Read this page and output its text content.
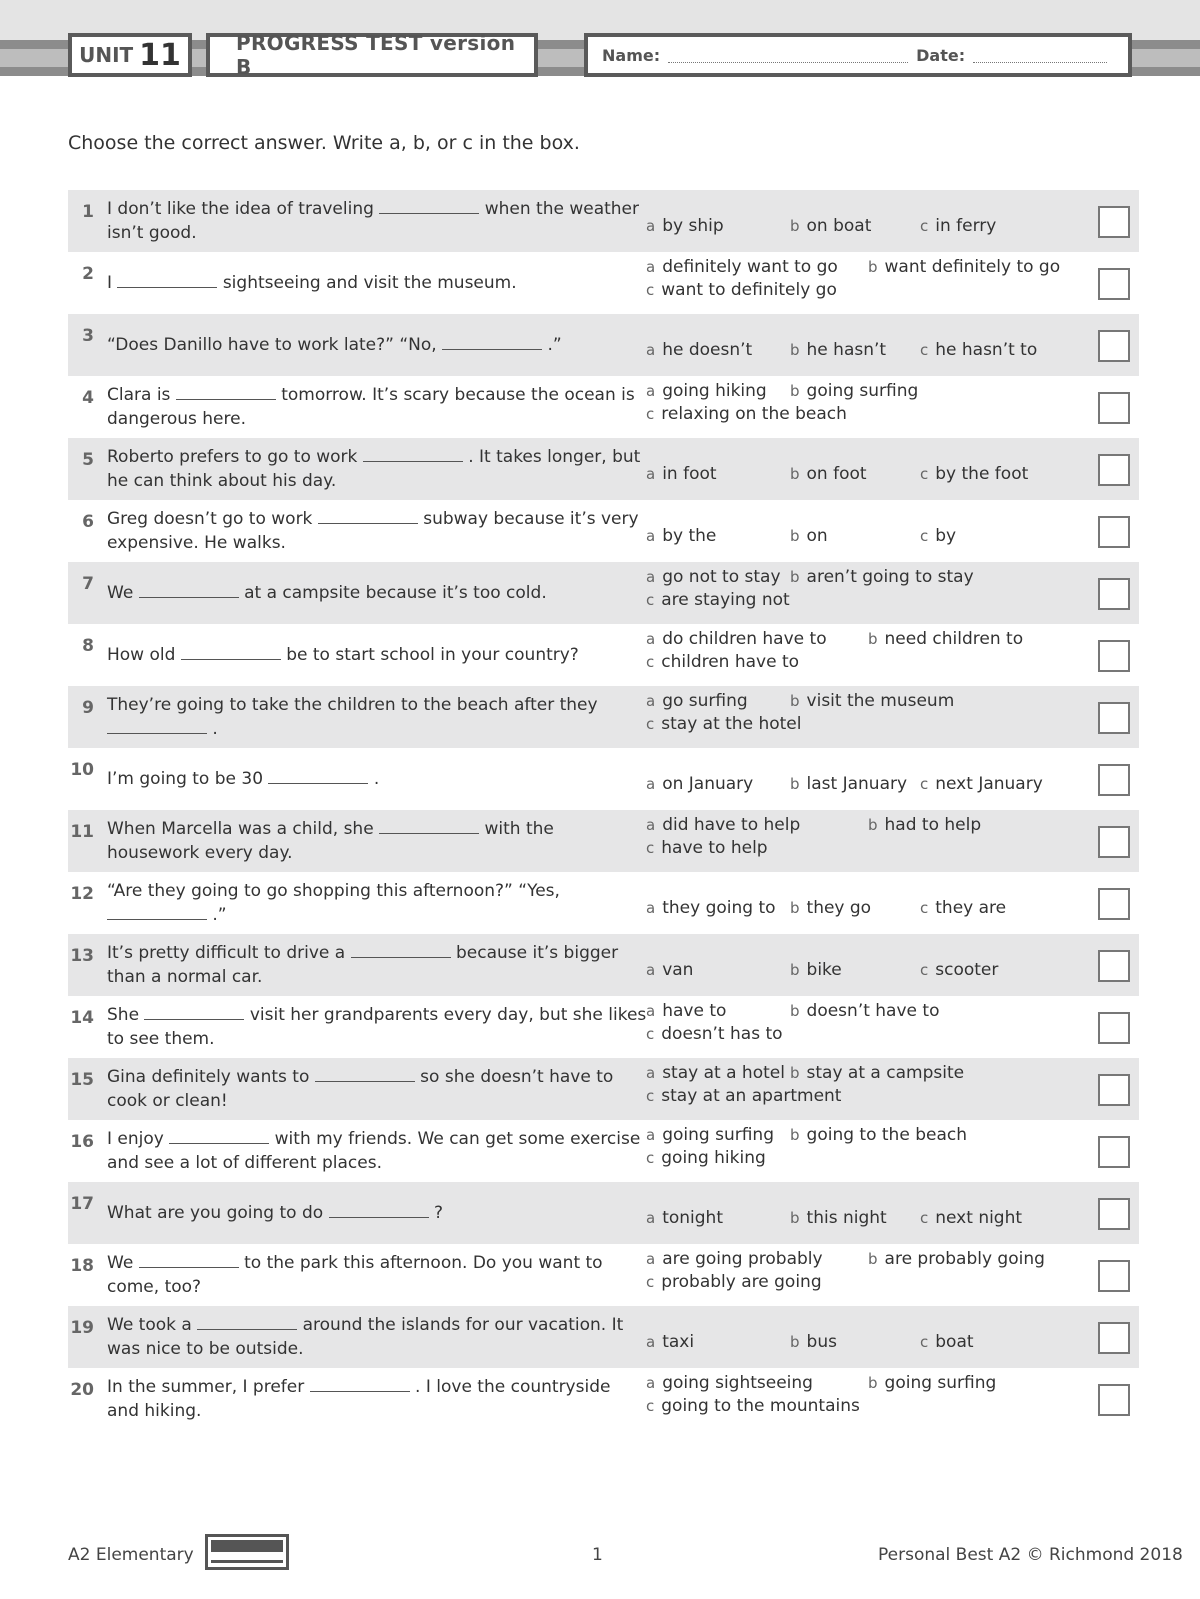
UNIT 11	PROGRESS TEST version B	Name:	Date:
Choose the correct answer. Write a, b, or c in the box.
1 I don’t like the idea of traveling	when the weather isn’t good.	a by ship	b on boat	c in ferry
2 I	sightseeing and visit the museum.
a definitely want to go b want definitely to go
c want to definitely go
3 “Does Danillo have to work late?” “No,	.”	a he doesn’t	b he hasn’t c he hasn’t to
4 Clara is	tomorrow. It’s scary because the ocean is dangerous here.
a going hiking b going surfing
c relaxing on the beach
5 Roberto prefers to go to work	. It takes longer, but he can think about his day.	a in foot	b on foot	c by the foot
6 Greg doesn’t go to work	subway because it’s very expensive. He walks.	a by the	b on	c by
7 We	at a campsite because it’s too cold.
a go not to stay b aren’t going to stay
c are staying not
8 How old	be to start school in your country?
a do children have to	b need children to
c children have to
9 They’re going to take the children to the beach after they  .
a go surfing	b visit the museum
c stay at the hotel
10 I’m going to be 30	.	a on January b last January c next January
11 When Marcella was a child, she	with the housework every day.
a did have to help	b had to help
c have to help
12 “Are they going to go shopping this afternoon?” “Yes,  .”	a they going to b they go	c they are
13 It’s pretty difficult to drive a	because it’s bigger than a normal car.	a van	b bike	c scooter
14 She	visit her grandparents every day, but she likes to see them.
a have to	b doesn’t have to
c doesn’t has to
15 Gina definitely wants to	so she doesn’t have to cook or clean!
a stay at a hotel b stay at a campsite
c stay at an apartment
16 I enjoy	with my friends. We can get some exercise and see a lot of different places.
a going surfing b going to the beach
c going hiking
17 What are you going to do	?	a tonight	b this night c next night
18 We	to the park this afternoon. Do you want to come, too?
a are going probably	b are probably going
c probably are going
19 We took a	around the islands for our vacation. It was nice to be outside.	a taxi	b bus	c boat
20 In the summer, I prefer	. I love the countryside and hiking.
a going sightseeing	b going surfing
c going to the mountains
A2 Elementary	1	Personal Best A2 © Richmond 2018
